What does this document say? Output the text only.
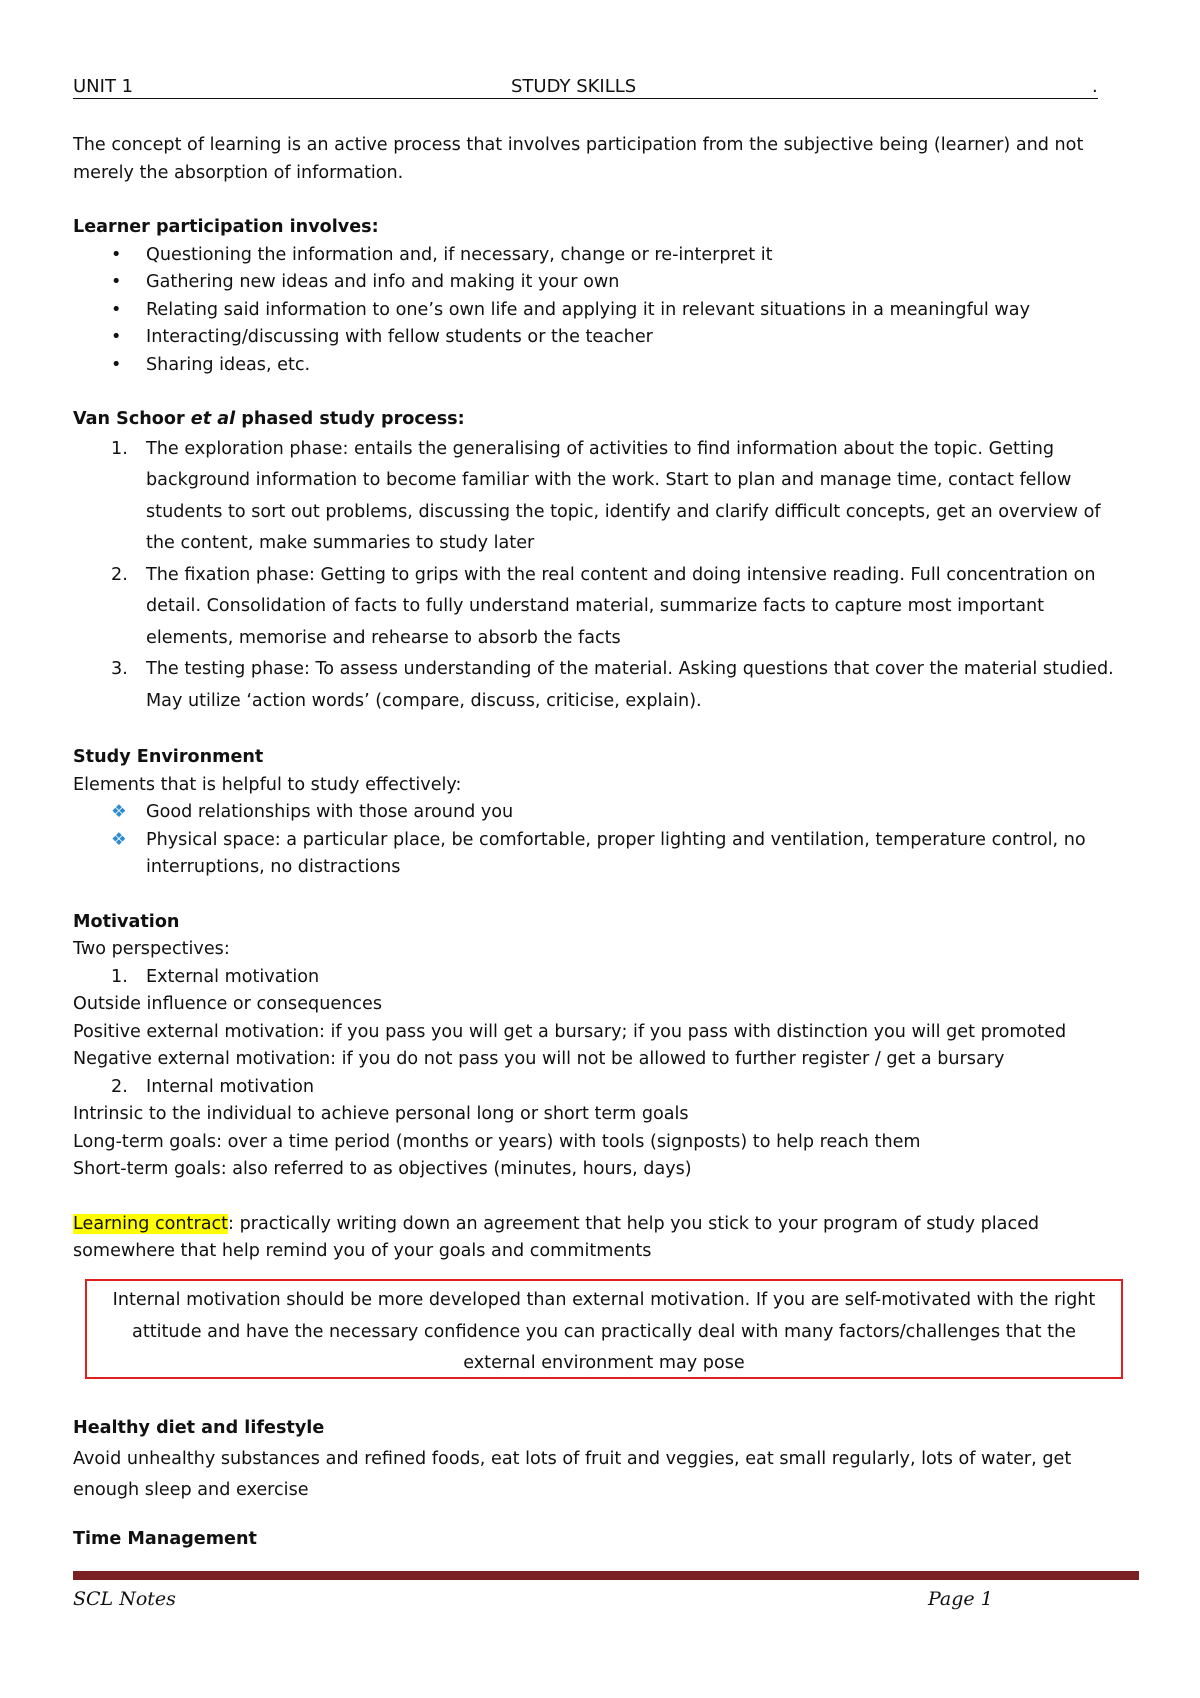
UNIT 1	STUDY SKILLS	.

The concept of learning is an active process that involves participation from the subjective being (learner) and not merely the absorption of information.

Learner participation involves:

• Questioning the information and, if necessary, change or re-interpret it
• Gathering new ideas and info and making it your own
• Relating said information to one’s own life and applying it in relevant situations in a meaningful way
• Interacting/discussing with fellow students or the teacher
• Sharing ideas, etc.

Van Schoor et al phased study process:

1. The exploration phase: entails the generalising of activities to find information about the topic. Getting background information to become familiar with the work. Start to plan and manage time, contact fellow students to sort out problems, discussing the topic, identify and clarify difficult concepts, get an overview of the content, make summaries to study later
2. The fixation phase: Getting to grips with the real content and doing intensive reading. Full concentration on detail. Consolidation of facts to fully understand material, summarize facts to capture most important elements, memorise and rehearse to absorb the facts
3. The testing phase: To assess understanding of the material. Asking questions that cover the material studied. May utilize ‘action words’ (compare, discuss, criticise, explain).

Study Environment

Elements that is helpful to study effectively:

❖ Good relationships with those around you
❖ Physical space: a particular place, be comfortable, proper lighting and ventilation, temperature control, no interruptions, no distractions

Motivation

Two perspectives:

1. External motivation

Outside influence or consequences

Positive external motivation: if you pass you will get a bursary; if you pass with distinction you will get promoted

Negative external motivation: if you do not pass you will not be allowed to further register / get a bursary

2. Internal motivation

Intrinsic to the individual to achieve personal long or short term goals

Long-term goals: over a time period (months or years) with tools (signposts) to help reach them

Short-term goals: also referred to as objectives (minutes, hours, days)

Learning contract: practically writing down an agreement that help you stick to your program of study placed somewhere that help remind you of your goals and commitments

Internal motivation should be more developed than external motivation. If you are self-motivated with the right attitude and have the necessary confidence you can practically deal with many factors/challenges that the external environment may pose

Healthy diet and lifestyle

Avoid unhealthy substances and refined foods, eat lots of fruit and veggies, eat small regularly, lots of water, get enough sleep and exercise

Time Management

SCL Notes	Page 1
